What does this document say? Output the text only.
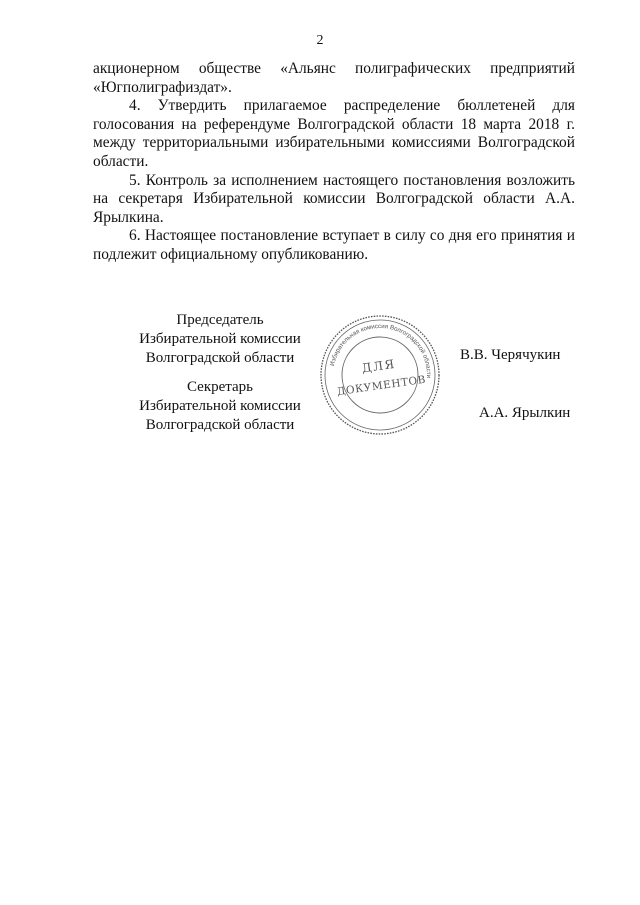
2

акционерном обществе «Альянс полиграфических предприятий

«Югполиграфиздат».

4. Утвердить прилагаемое распределение бюллетеней для голосования на референдуме Волгоградской области 18 марта 2018 г. между территориальными избирательными комиссиями Волгоградской области.

5. Контроль за исполнением настоящего постановления возложить на секретаря Избирательной комиссии Волгоградской области А.А. Ярылкина.

6. Настоящее постановление вступает в силу со дня его принятия и подлежит официальному опубликованию.

Председатель
Избирательной комиссии
Волгоградской области	В.В. Черячукин
Секретарь
Избирательной комиссии
Волгоградской области
А.А. Ярылкин
Избирательная комиссия Волгоградской области
ДЛЯ
ДОКУМЕНТОВ
